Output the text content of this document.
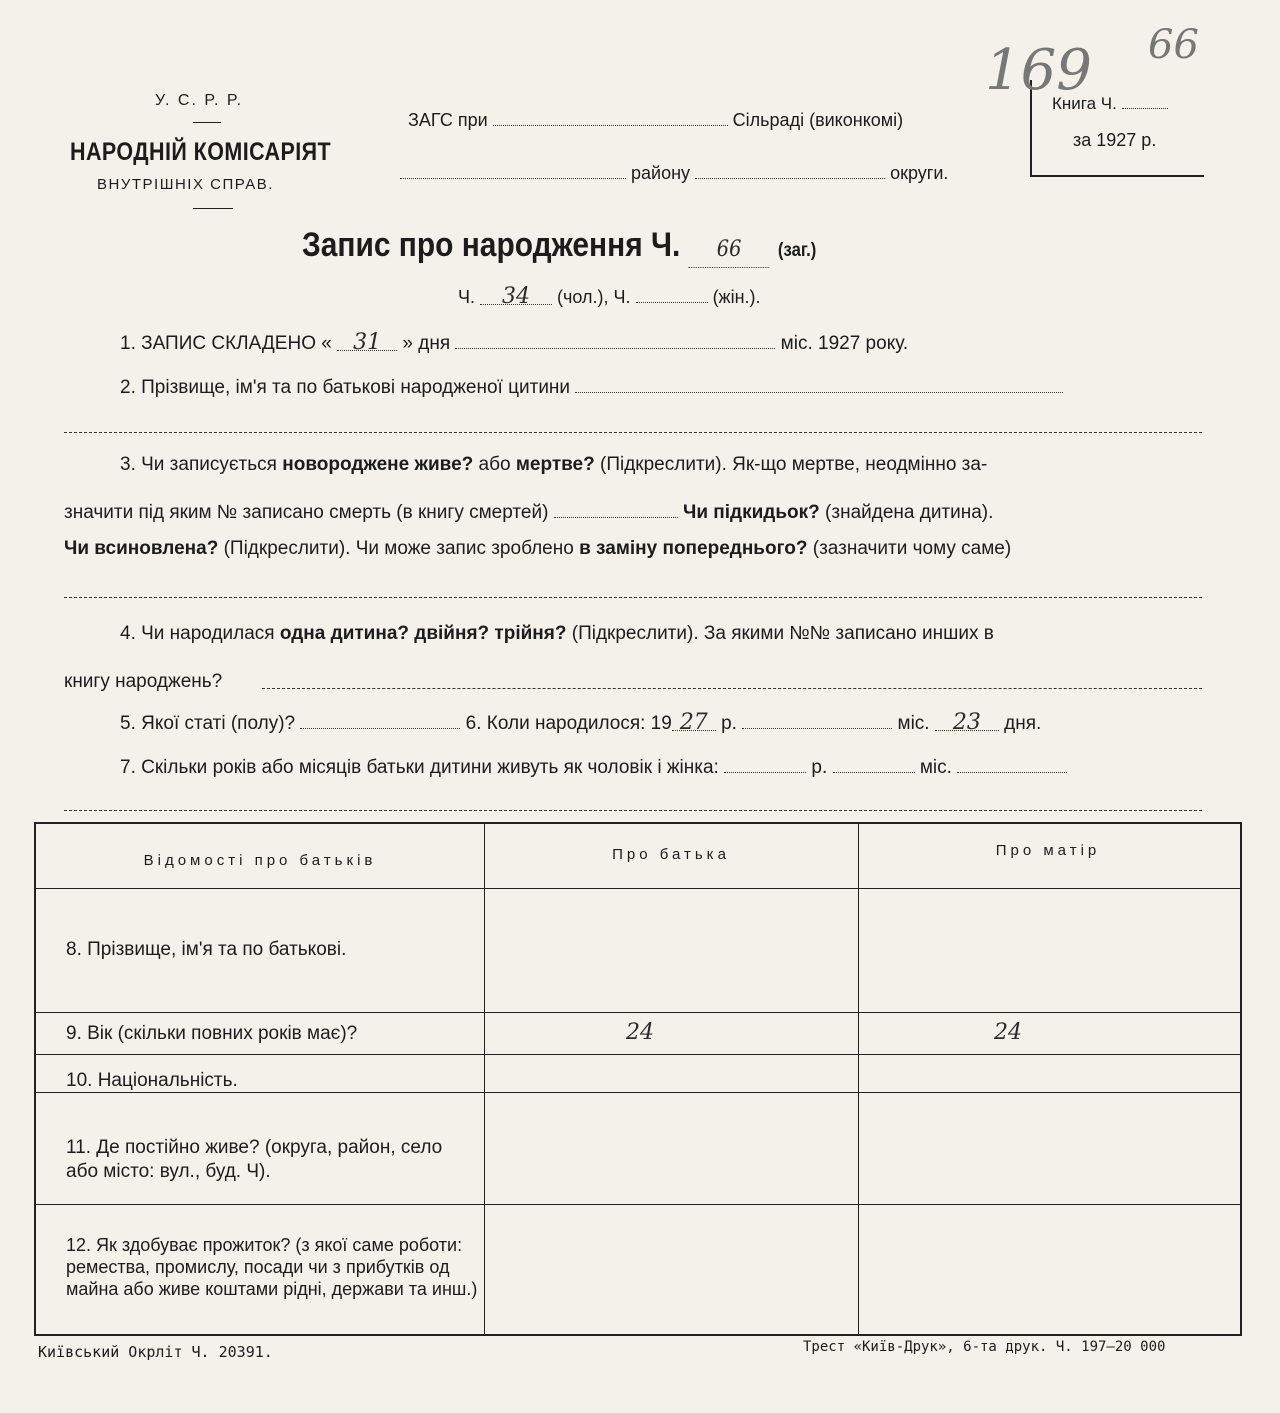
У. С. Р. Р.
НАРОДНІЙ КОМІСАРІЯТ
ВНУТРІШНІХ СПРАВ.
ЗАГС при	Сільраді (виконкомі)
району	округи.
Книга Ч.
за 1927 р.
169 66
Запис про народження Ч. 66 (заг.)
Ч. 34 (чол.), Ч.	(жін.).
1. ЗАПИС СКЛАДЕНО « 31 » дня	міс. 1927 року.
2. Прізвище, ім'я та по батькові народженої цитини
3. Чи записується новороджене живе? або мертве? (Підкреслити). Як-що мертве, неодмінно за-
значити під яким № записано смерть (в книгу смертей)	Чи підкидьок? (знайдена дитина).
Чи всиновлена? (Підкреслити). Чи може запис зроблено в заміну попереднього? (зазначити чому саме)
4. Чи народилася одна дитина? двійня? трійня? (Підкреслити). За якими №№ записано инших в
книгу народжень?
5. Якої статі (полу)?	6. Коли народилося: 19 27 р.	міс. 23 дня.
7. Скільки років або місяців батьки дитини живуть як чоловік і жінка:	р.	міс.
Відомості про батьків	Про батька	Про матір
8. Прізвище, ім'я та по батькові.
9. Вік (скільки повних років має)?	24	24
10. Національність.
11. Де постійно живе? (округа, район, село або місто: вул., буд. Ч).
12. Як здобуває прожиток? (з якої саме роботи: ремества, промислу, посади чи з прибутків од майна або живе коштами рідні, держави та инш.)
Київський Окрліт Ч. 20391.	Трест «Київ-Друк», 6-та друк. Ч. 197—20 000
